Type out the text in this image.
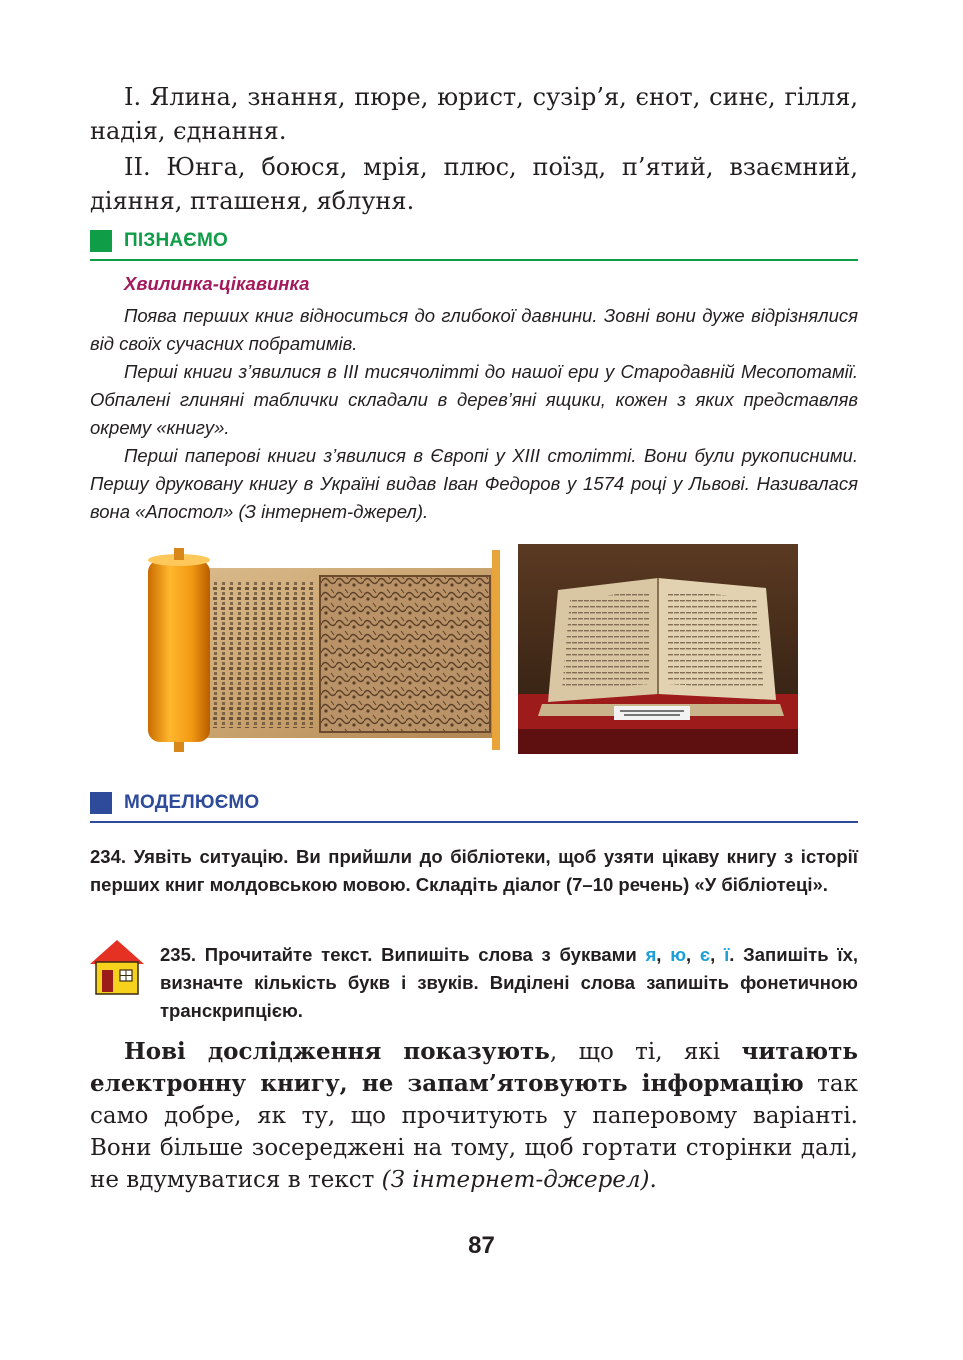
І. Ялина, знання, пюре, юрист, сузір’я, єнот, синє, гілля, надія, єднання.

ІІ. Юнга, боюся, мрія, плюс, поїзд, п’ятий, взаємний, діяння, пташеня, яблуня.

ПІЗНАЄМО

Хвилинка-цікавинка

Поява перших книг відноситься до глибокої давнини. Зовні вони дуже відрізнялися від своїх сучасних побратимів.

Перші книги з’явилися в ІІІ тисячолітті до нашої ери у Стародавній Месопотамії. Обпалені глиняні таблички складали в дерев’яні ящики, кожен з яких представляв окрему «книгу».

Перші паперові книги з’явилися в Європі у ХІІІ столітті. Вони були рукописними. Першу друковану книгу в Україні видав Іван Федоров у 1574 році у Львові. Називалася вона «Апостол» (З інтернет-джерел).

МОДЕЛЮЄМО

234. Уявіть ситуацію. Ви прийшли до бібліотеки, щоб узяти цікаву книгу з історії перших книг молдовською мовою. Складіть діалог (7–10 речень) «У бібліотеці».

235. Прочитайте текст. Випишіть слова з буквами я, ю, є, ї. Запишіть їх, визначте кількість букв і звуків. Виділені слова запишіть фонетичною транскрипцією.

Нові дослідження показують, що ті, які читають електронну книгу, не запам’ятовують інформацію так само добре, як ту, що прочитують у паперовому варіанті. Вони більше зосереджені на тому, щоб гортати сторінки далі, не вдумуватися в текст (З інтернет-джерел).

87
